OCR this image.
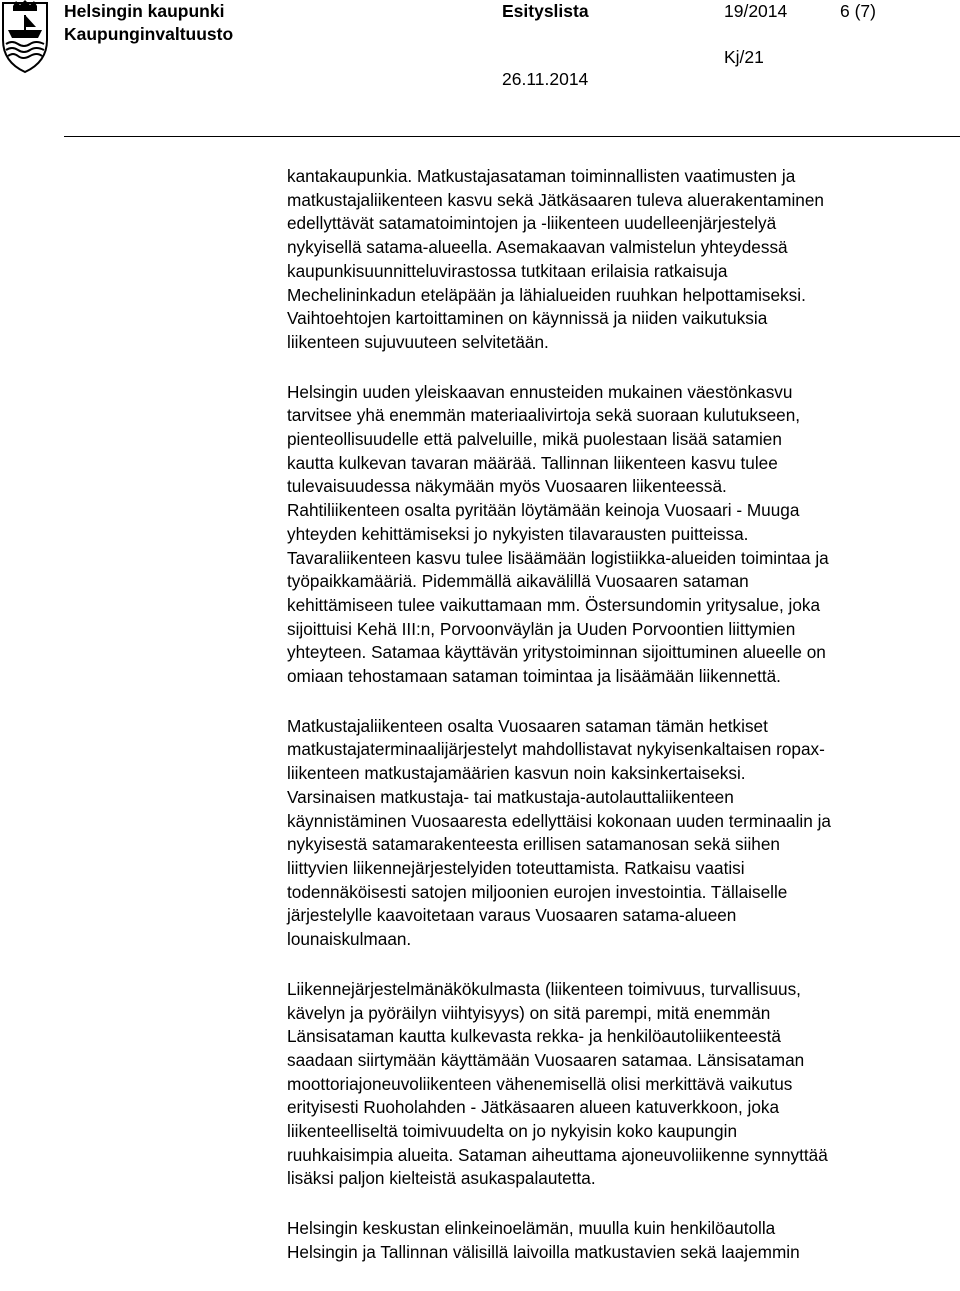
Helsingin kaupunki
Kaupunginvaltuusto
Esityslista	19/2014	6 (7)
Kj/21
26.11.2014

kantakaupunkia. Matkustajasataman toiminnallisten vaatimusten ja
matkustajaliikenteen kasvu sekä Jätkäsaaren tuleva aluerakentaminen
edellyttävät satamatoimintojen ja -liikenteen uudelleenjärjestelyä
nykyisellä satama-alueella. Asemakaavan valmistelun yhteydessä
kaupunkisuunnitteluvirastossa tutkitaan erilaisia ratkaisuja
Mechelininkadun eteläpään ja lähialueiden ruuhkan helpottamiseksi.
Vaihtoehtojen kartoittaminen on käynnissä ja niiden vaikutuksia
liikenteen sujuvuuteen selvitetään.

Helsingin uuden yleiskaavan ennusteiden mukainen väestönkasvu
tarvitsee yhä enemmän materiaalivirtoja sekä suoraan kulutukseen,
pienteollisuudelle että palveluille, mikä puolestaan lisää satamien
kautta kulkevan tavaran määrää. Tallinnan liikenteen kasvu tulee
tulevaisuudessa näkymään myös Vuosaaren liikenteessä.
Rahtiliikenteen osalta pyritään löytämään keinoja Vuosaari - Muuga
yhteyden kehittämiseksi jo nykyisten tilavarausten puitteissa.
Tavaraliikenteen kasvu tulee lisäämään logistiikka-alueiden toimintaa ja
työpaikkamääriä. Pidemmällä aikavälillä Vuosaaren sataman
kehittämiseen tulee vaikuttamaan mm. Östersundomin yritysalue, joka
sijoittuisi Kehä III:n, Porvoonväylän ja Uuden Porvoontien liittymien
yhteyteen. Satamaa käyttävän yritystoiminnan sijoittuminen alueelle on
omiaan tehostamaan sataman toimintaa ja lisäämään liikennettä.

Matkustajaliikenteen osalta Vuosaaren sataman tämän hetkiset
matkustajaterminaalijärjestelyt mahdollistavat nykyisenkaltaisen ropax-
liikenteen matkustajamäärien kasvun noin kaksinkertaiseksi.
Varsinaisen matkustaja- tai matkustaja-autolauttaliikenteen
käynnistäminen Vuosaaresta edellyttäisi kokonaan uuden terminaalin ja
nykyisestä satamarakenteesta erillisen satamanosan sekä siihen
liittyvien liikennejärjestelyiden toteuttamista. Ratkaisu vaatisi
todennäköisesti satojen miljoonien eurojen investointia. Tällaiselle
järjestelylle kaavoitetaan varaus Vuosaaren satama-alueen
lounaiskulmaan.

Liikennejärjestelmänäkökulmasta (liikenteen toimivuus, turvallisuus,
kävelyn ja pyöräilyn viihtyisyys) on sitä parempi, mitä enemmän
Länsisataman kautta kulkevasta rekka- ja henkilöautoliikenteestä
saadaan siirtymään käyttämään Vuosaaren satamaa. Länsisataman
moottoriajoneuvoliikenteen vähenemisellä olisi merkittävä vaikutus
erityisesti Ruoholahden - Jätkäsaaren alueen katuverkkoon, joka
liikenteelliseltä toimivuudelta on jo nykyisin koko kaupungin
ruuhkaisimpia alueita. Sataman aiheuttama ajoneuvoliikenne synnyttää
lisäksi paljon kielteistä asukaspalautetta.

Helsingin keskustan elinkeinoelämän, muulla kuin henkilöautolla
Helsingin ja Tallinnan välisillä laivoilla matkustavien sekä laajemmin
